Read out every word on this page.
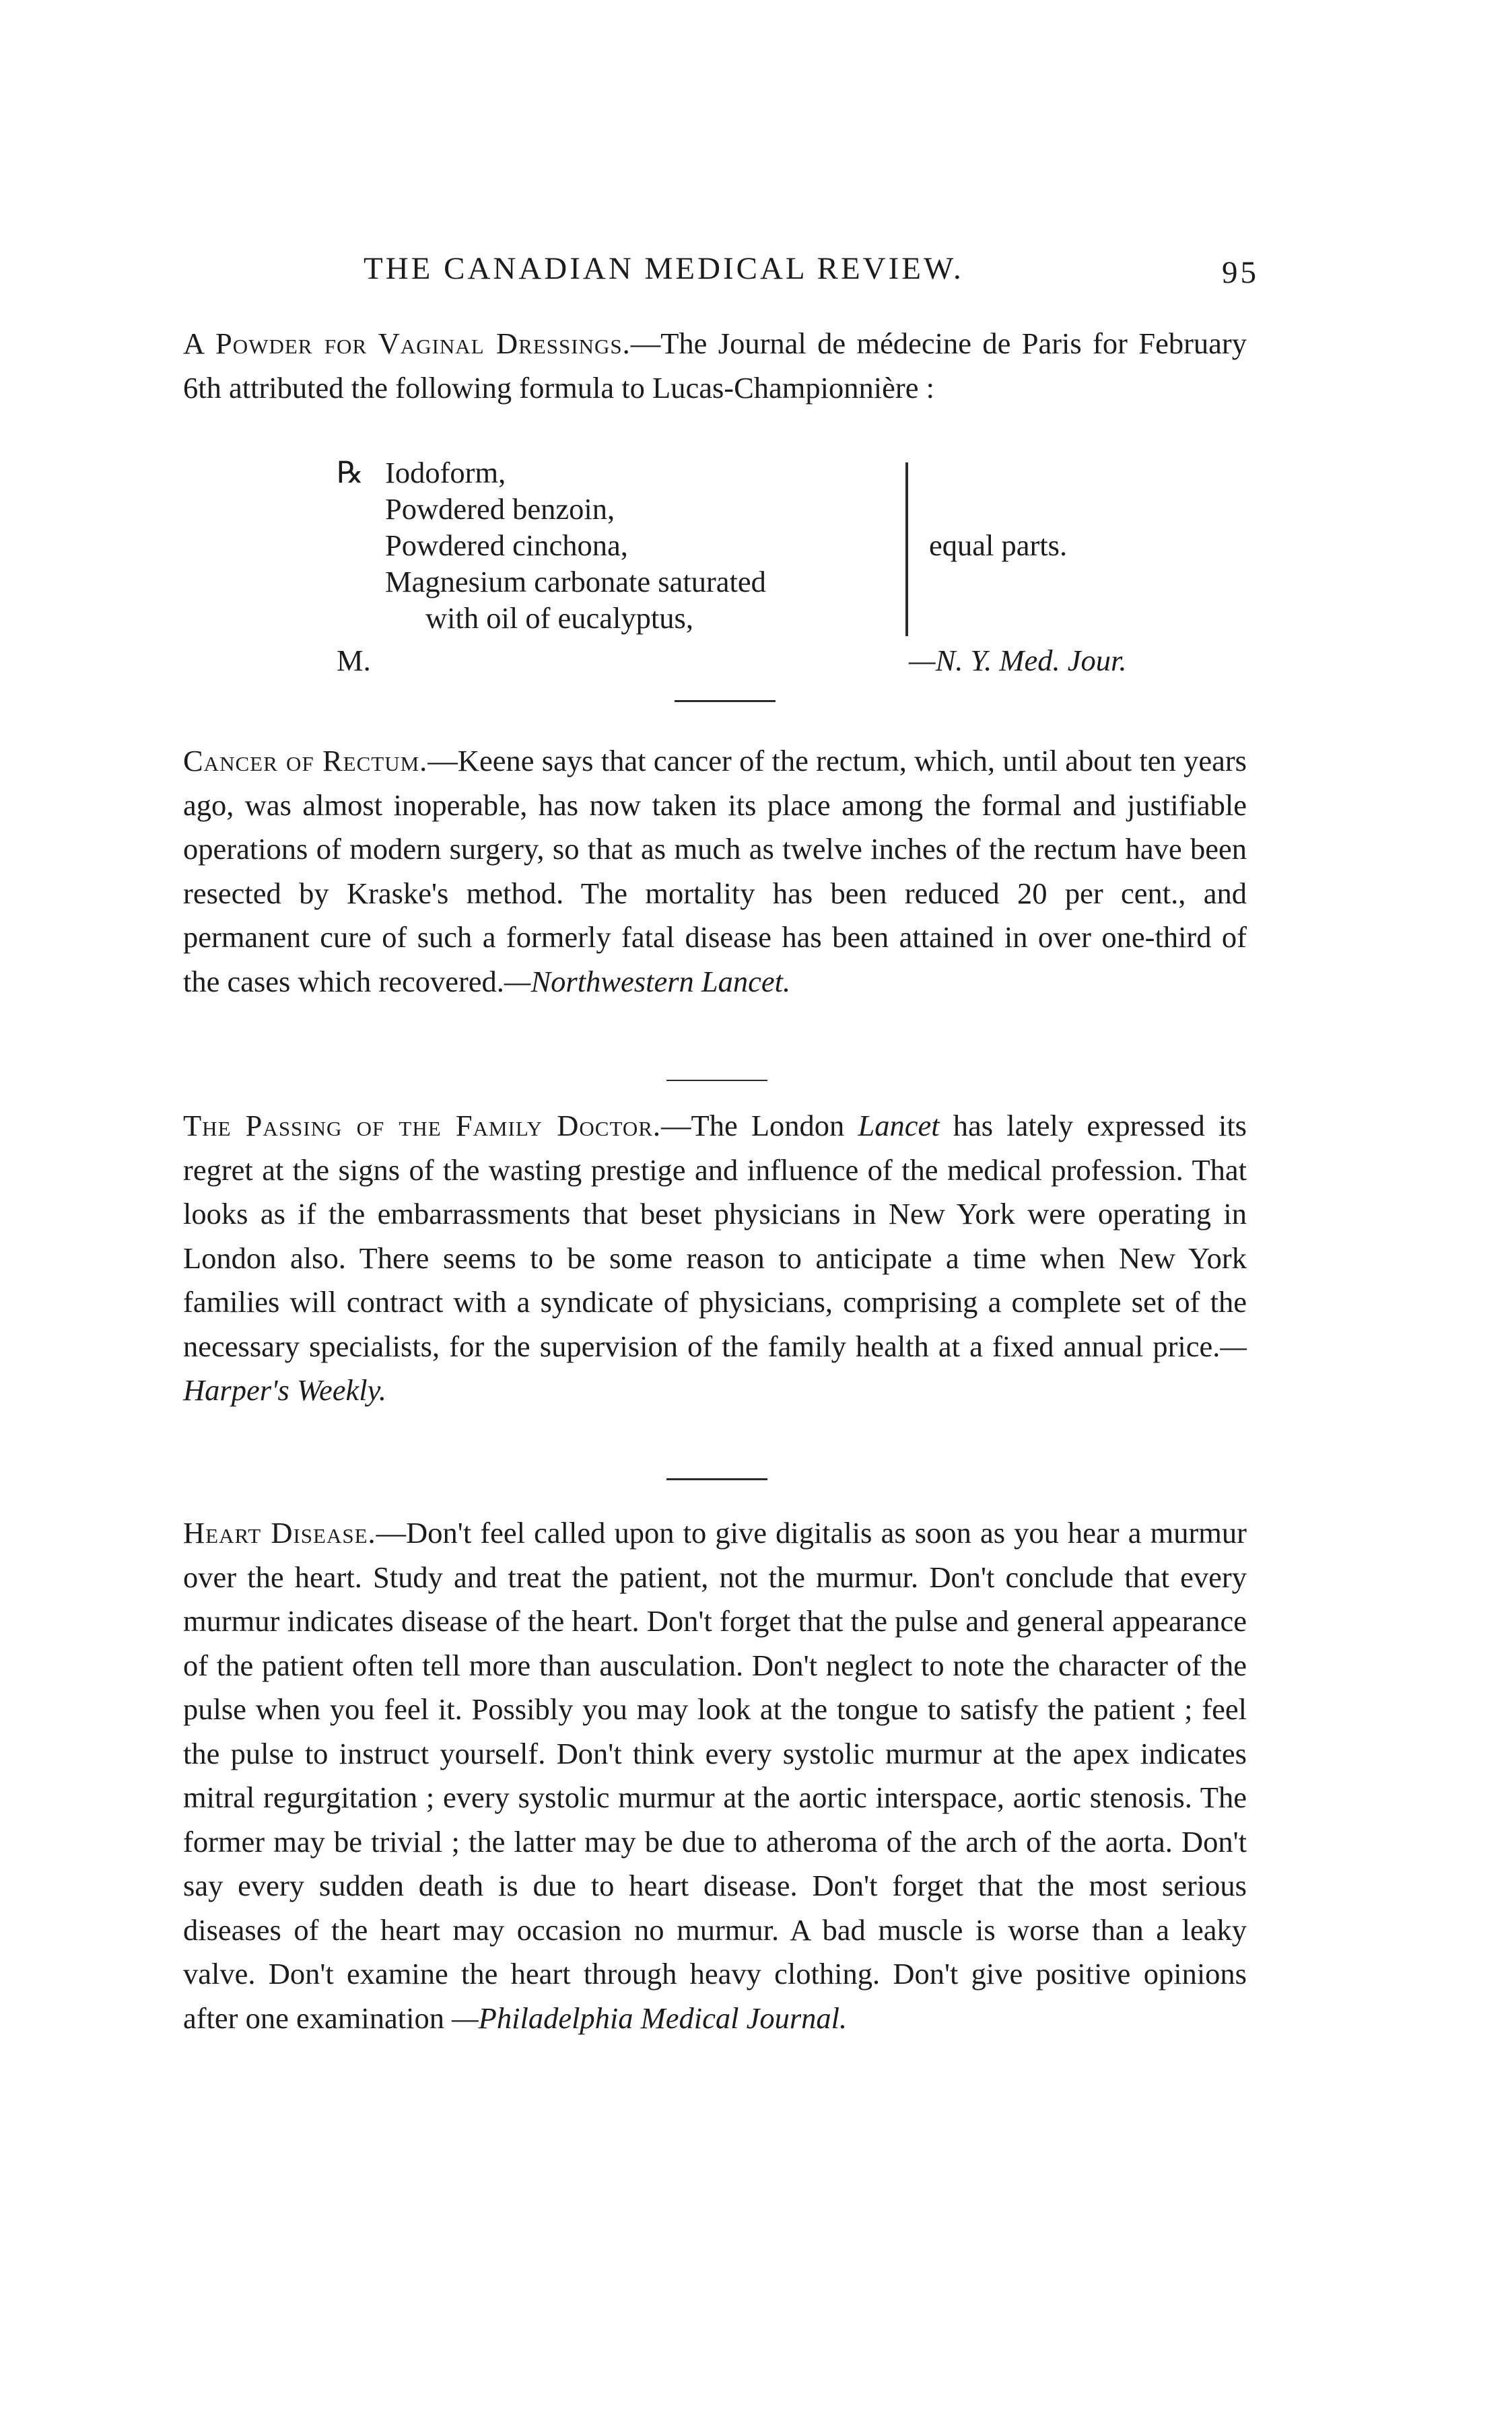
THE CANADIAN MEDICAL REVIEW.	95

A Powder for Vaginal Dressings.—The Journal de médecine de Paris for February 6th attributed the following formula to Lucas-Championnière :

℞ Iodoform,
Powdered benzoin,
Powdered cinchona,
Magnesium carbonate saturated
with oil of eucalyptus,
equal parts.
M.	—N. Y. Med. Jour.

Cancer of Rectum.—Keene says that cancer of the rectum, which, until about ten years ago, was almost inoperable, has now taken its place among the formal and justifiable operations of modern surgery, so that as much as twelve inches of the rectum have been resected by Kraske's method. The mortality has been reduced 20 per cent., and permanent cure of such a formerly fatal disease has been attained in over one-third of the cases which recovered.—Northwestern Lancet.

The Passing of the Family Doctor.—The London Lancet has lately expressed its regret at the signs of the wasting prestige and influence of the medical profession. That looks as if the embarrassments that beset physicians in New York were operating in London also. There seems to be some reason to anticipate a time when New York families will contract with a syndicate of physicians, comprising a complete set of the necessary specialists, for the supervision of the family health at a fixed annual price.—Harper's Weekly.

Heart Disease.—Don't feel called upon to give digitalis as soon as you hear a murmur over the heart. Study and treat the patient, not the murmur. Don't conclude that every murmur indicates disease of the heart. Don't forget that the pulse and general appearance of the patient often tell more than ausculation. Don't neglect to note the character of the pulse when you feel it. Possibly you may look at the tongue to satisfy the patient ; feel the pulse to instruct yourself. Don't think every systolic murmur at the apex indicates mitral regurgitation ; every systolic murmur at the aortic interspace, aortic stenosis. The former may be trivial ; the latter may be due to atheroma of the arch of the aorta. Don't say every sudden death is due to heart disease. Don't forget that the most serious diseases of the heart may occasion no murmur. A bad muscle is worse than a leaky valve. Don't examine the heart through heavy clothing. Don't give positive opinions after one examination —Philadelphia Medical Journal.
